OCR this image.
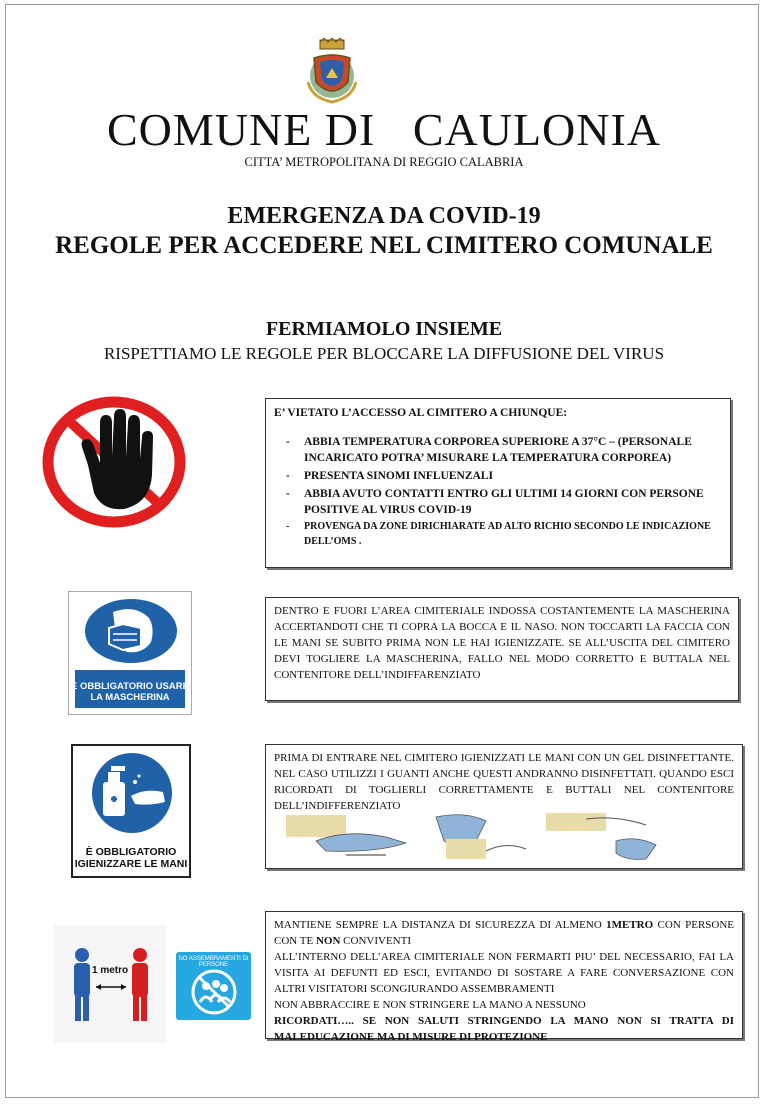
COMUNE DI   CAULONIA
CITTA’ METROPOLITANA DI REGGIO CALABRIA
EMERGENZA DA COVID-19
REGOLE PER ACCEDERE NEL CIMITERO COMUNALE
FERMIAMOLO INSIEME
RISPETTIAMO LE REGOLE PER BLOCCARE LA DIFFUSIONE DEL VIRUS
E’ VIETATO L’ACCESSO AL CIMITERO A CHIUNQUE:
- ABBIA TEMPERATURA CORPOREA SUPERIORE A 37°C – (PERSONALE INCARICATO POTRA’ MISURARE LA TEMPERATURA CORPOREA)
- PRESENTA SINOMI INFLUENZALI
- ABBIA AVUTO CONTATTI ENTRO GLI ULTIMI 14 GIORNI CON PERSONE POSITIVE AL VIRUS COVID-19
- PROVENGA DA ZONE DIRICHIARATE AD ALTO RICHIO SECONDO LE INDICAZIONE DELL’OMS .
È OBBLIGATORIO USARE LA MASCHERINA

DENTRO E FUORI L’AREA CIMITERIALE INDOSSA COSTANTEMENTE LA MASCHERINA ACCERTANDOTI CHE TI COPRA LA BOCCA E IL NASO. NON TOCCARTI LA FACCIA CON LE MANI SE SUBITO PRIMA NON LE HAI IGIENIZZATE. SE ALL’USCITA DEL CIMITERO DEVI TOGLIERE LA MASCHERINA, FALLO NEL MODO CORRETTO E BUTTALA NEL CONTENITORE DELL’INDIFFARENZIATO

È OBBLIGATORIO IGIENIZZARE LE MANI

PRIMA DI ENTRARE NEL CIMITERO IGIENIZZATI LE MANI CON UN GEL DISINFETTANTE. NEL CASO UTILIZZI I GUANTI ANCHE QUESTI ANDRANNO DISINFETTATI. QUANDO ESCI RICORDATI DI TOGLIERLI CORRETTAMENTE E BUTTALI NEL CONTENITORE DELL’INDIFFERENZIATO

1 metro
NO ASSEMBRAMENTI DI PERSONE

MANTIENE SEMPRE LA DISTANZA DI SICUREZZA DI ALMENO 1METRO CON PERSONE CON TE NON CONVIVENTI

ALL’INTERNO DELL’AREA CIMITERIALE NON FERMARTI PIU’ DEL NECESSARIO, FAI LA VISITA AI DEFUNTI ED ESCI, EVITANDO DI SOSTARE A FARE CONVERSAZIONE CON ALTRI VISITATORI SCONGIURANDO ASSEMBRAMENTI

NON ABBRACCIRE E NON STRINGERE LA MANO A NESSUNO

RICORDATI….. SE NON SALUTI STRINGENDO LA MANO NON SI TRATTA DI MALEDUCAZIONE MA DI MISURE DI PROTEZIONE
